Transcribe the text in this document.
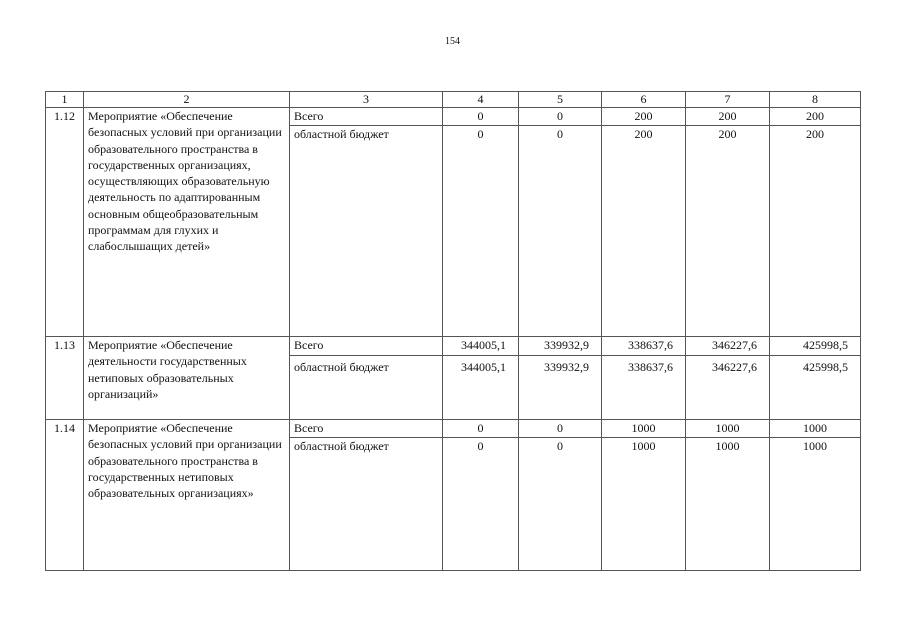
154
1	2	3	4	5	6	7	8
1.12	Мероприятие «Обеспечение безопасных условий при организации образовательного пространства в государственных организациях, осуществляющих образовательную деятельность по адаптированным основным общеобразовательным программам для глухих и слабослышащих детей»	Всего	0	0	200	200	200
		областной бюджет	0	0	200	200	200
1.13	Мероприятие «Обеспечение деятельности государственных нетиповых образовательных организаций»	Всего	344005,1	339932,9	338637,6	346227,6	425998,5
		областной бюджет	344005,1	339932,9	338637,6	346227,6	425998,5
1.14	Мероприятие «Обеспечение безопасных условий при организации образовательного пространства в государственных нетиповых образовательных организациях»	Всего	0	0	1000	1000	1000
		областной бюджет	0	0	1000	1000	1000
